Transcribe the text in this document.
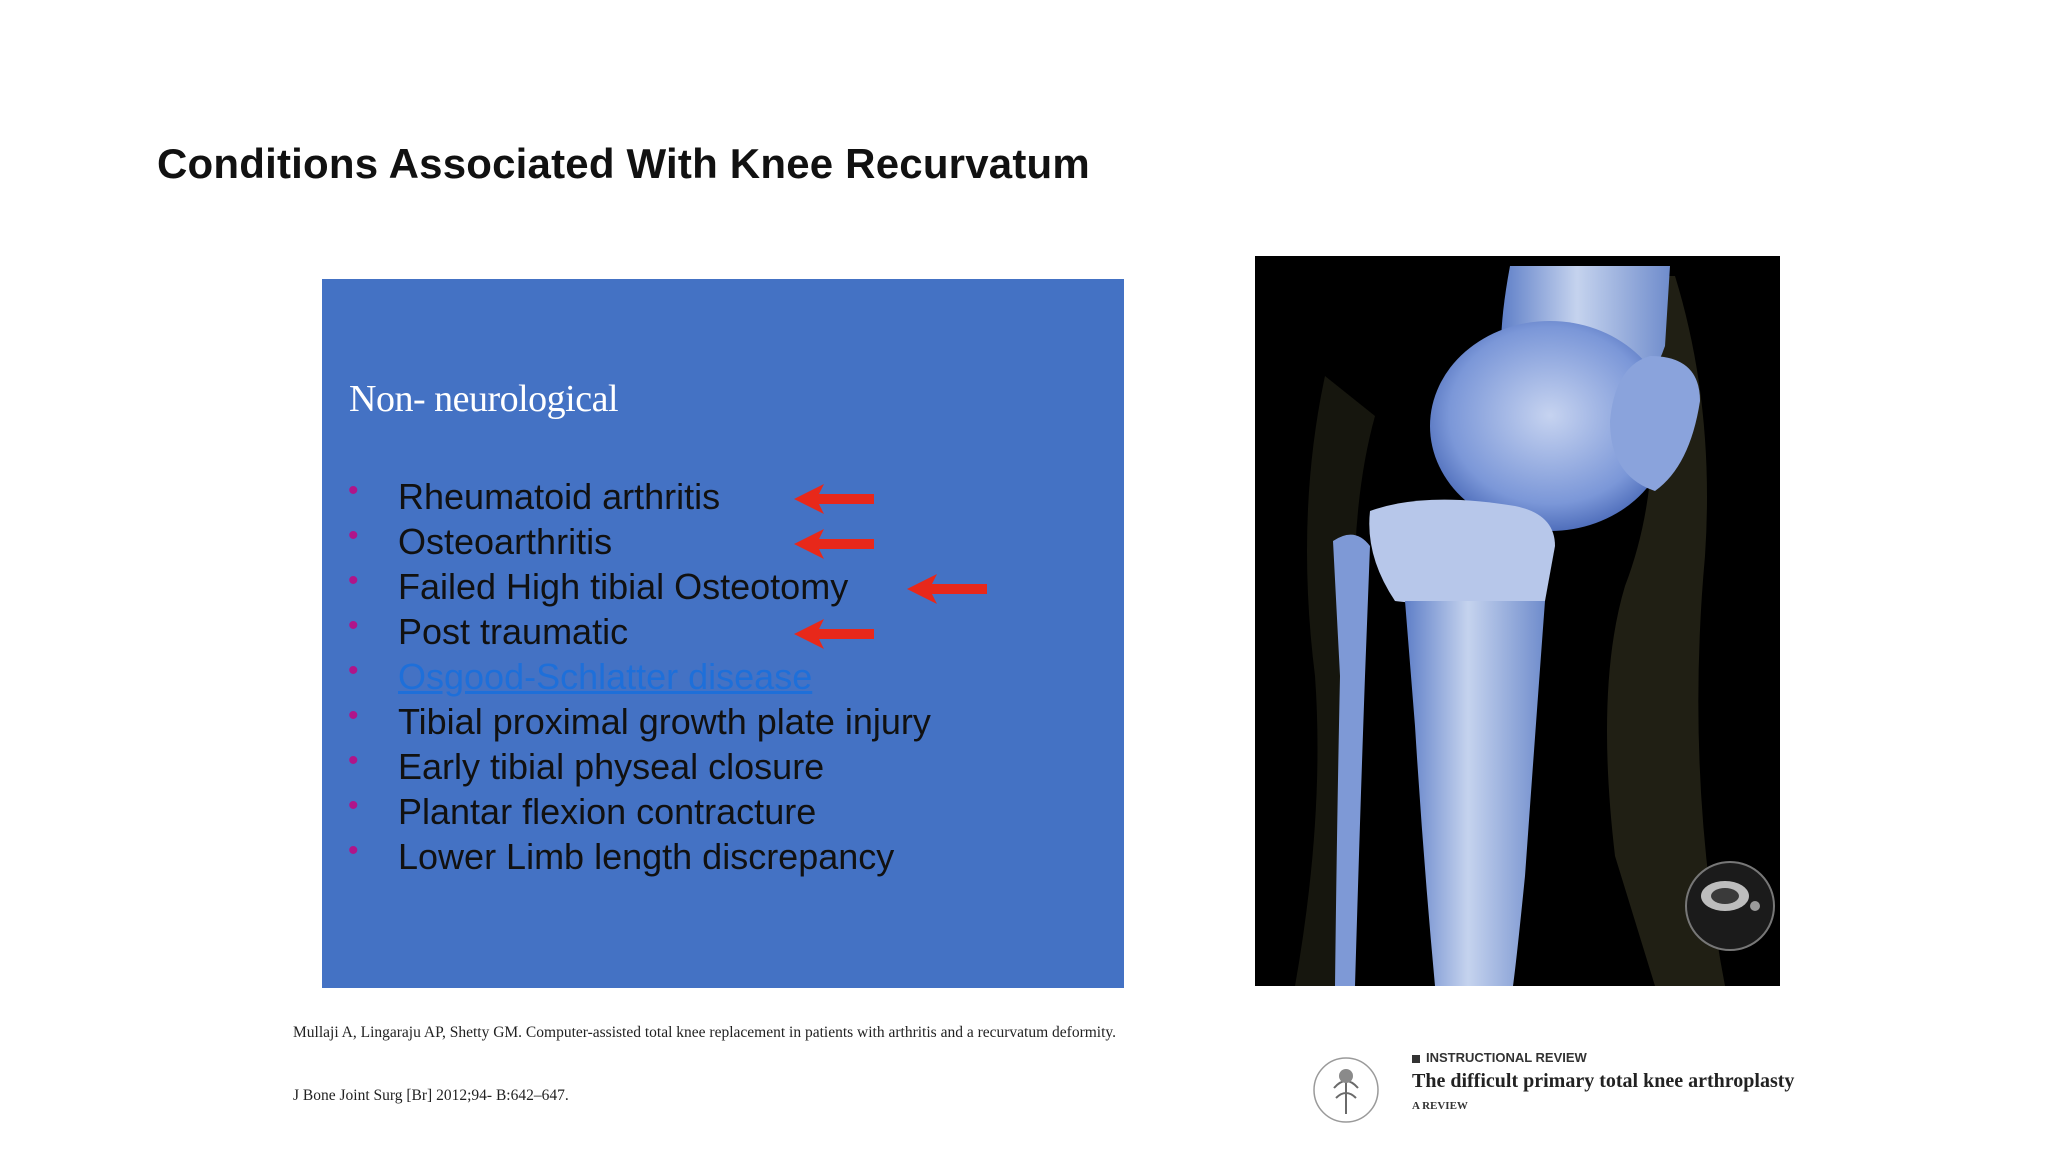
Conditions Associated With Knee Recurvatum
Non- neurological
• Rheumatoid arthritis
• Osteoarthritis
• Failed High tibial Osteotomy
• Post traumatic
• Osgood-Schlatter disease
• Tibial proximal growth plate injury
• Early tibial physeal closure
• Plantar flexion contracture
• Lower Limb length discrepancy

Mullaji A, Lingaraju AP, Shetty GM. Computer-assisted total knee replacement in patients with arthritis and a recurvatum deformity.

J Bone Joint Surg [Br] 2012;94- B:642–647.

INSTRUCTIONAL REVIEW
The difficult primary total knee arthroplasty
A REVIEW
